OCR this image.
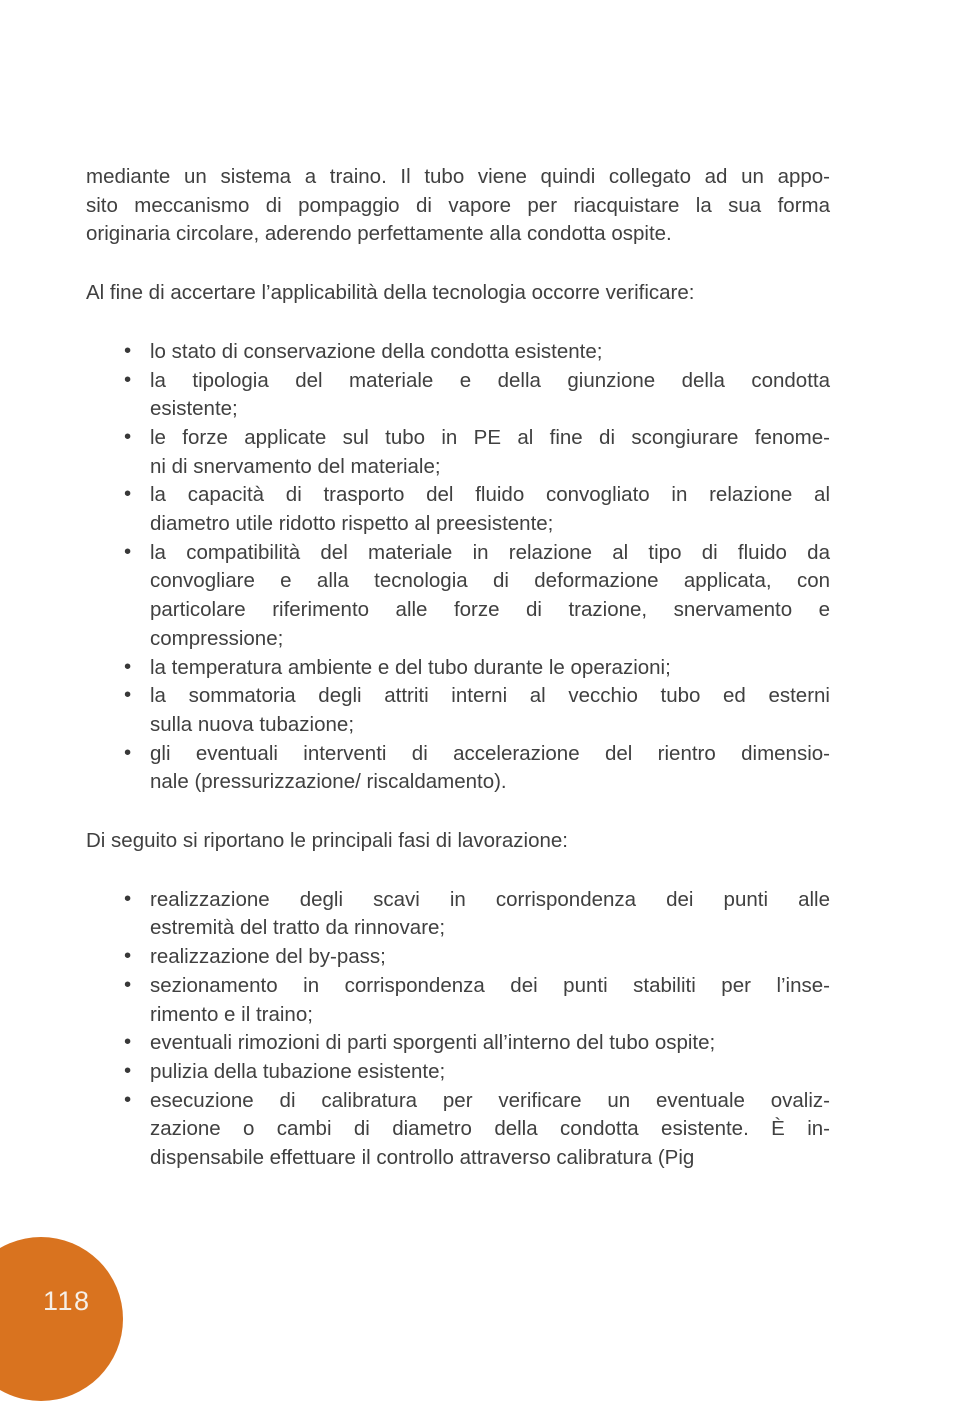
mediante un sistema a traino. Il tubo viene quindi collegato ad un appo-
sito meccanismo di pompaggio di vapore per riacquistare la sua forma
originaria circolare, aderendo perfettamente alla condotta ospite.

Al fine di accertare l’applicabilità della tecnologia occorre verificare:

• lo stato di conservazione della condotta esistente;
• la tipologia del materiale e della giunzione della condotta
esistente;
• le forze applicate sul tubo in PE al fine di scongiurare fenome-
ni di snervamento del materiale;
• la capacità di trasporto del fluido convogliato in relazione al
diametro utile ridotto rispetto al preesistente;
• la compatibilità del materiale in relazione al tipo di fluido da
convogliare e alla tecnologia di deformazione applicata, con
particolare riferimento alle forze di trazione, snervamento e
compressione;
• la temperatura ambiente e del tubo durante le operazioni;
• la sommatoria degli attriti interni al vecchio tubo ed esterni
sulla nuova tubazione;
• gli eventuali interventi di accelerazione del rientro dimensio-
nale (pressurizzazione/ riscaldamento).

Di seguito si riportano le principali fasi di lavorazione:

• realizzazione degli scavi in corrispondenza dei punti alle
estremità del tratto da rinnovare;
• realizzazione del by-pass;
• sezionamento in corrispondenza dei punti stabiliti per l’inse-
rimento e il traino;
• eventuali rimozioni di parti sporgenti all’interno del tubo ospite;
• pulizia della tubazione esistente;
• esecuzione di calibratura per verificare un eventuale ovaliz-
zazione o cambi di diametro della condotta esistente. È in-
dispensabile effettuare il controllo attraverso calibratura (Pig
118
